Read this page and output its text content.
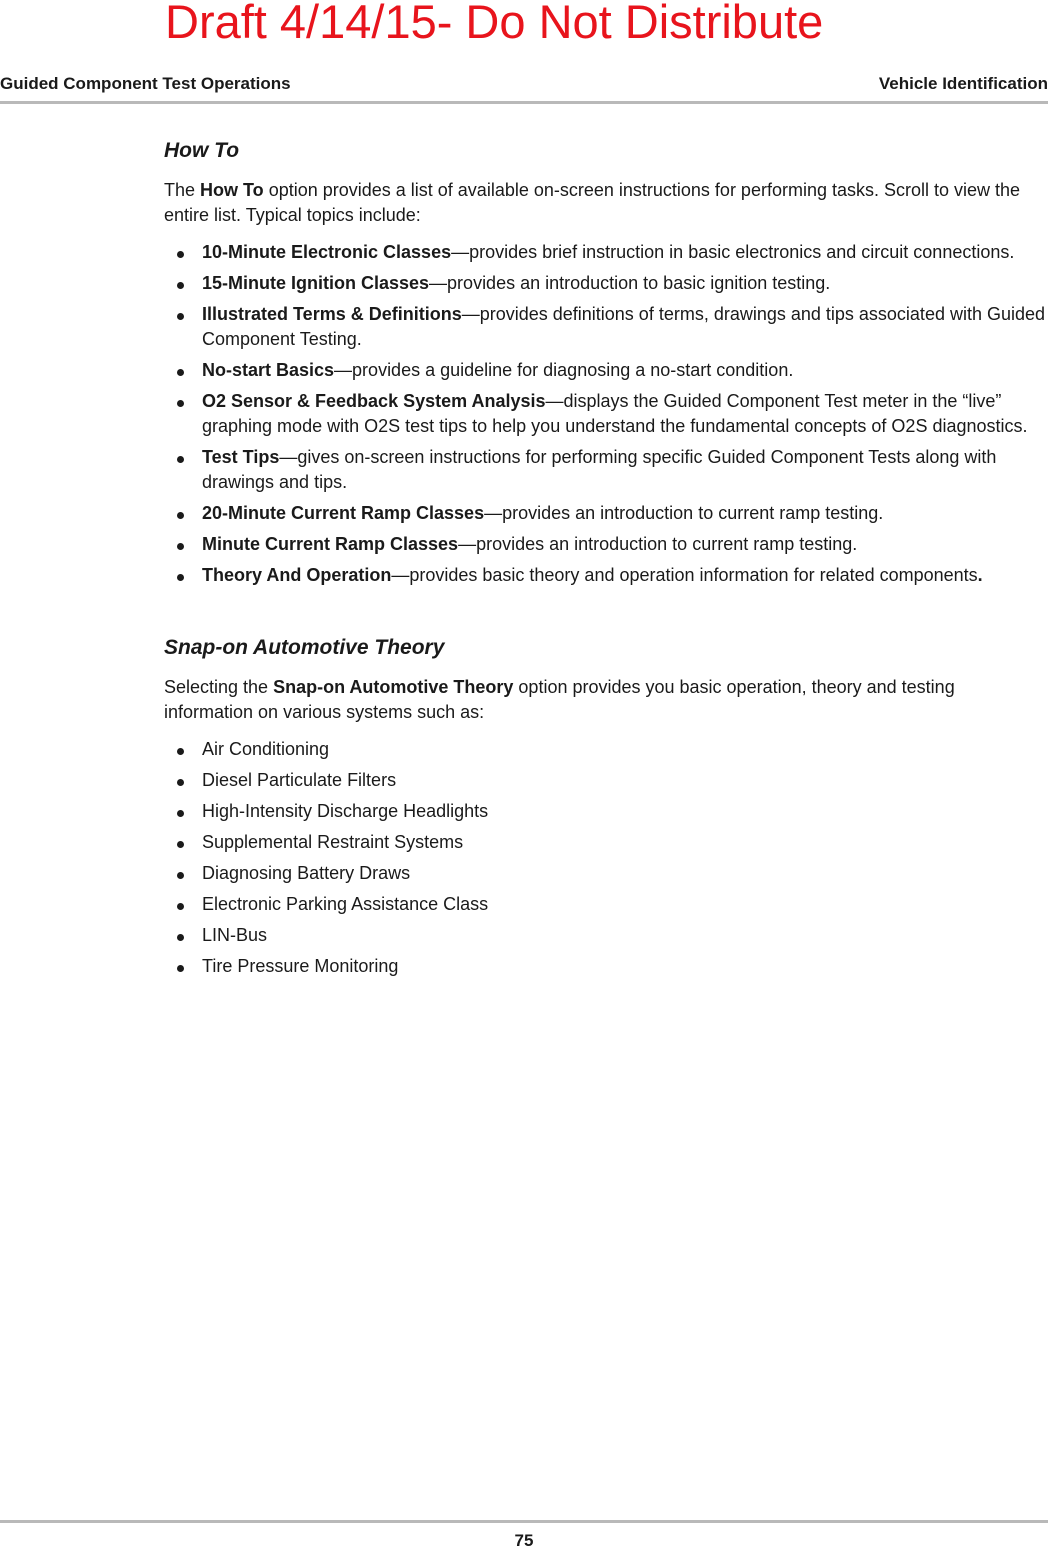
Draft 4/14/15- Do Not Distribute
Guided Component Test Operations	Vehicle Identification
How To

The How To option provides a list of available on-screen instructions for performing tasks. Scroll to view the entire list. Typical topics include:

10-Minute Electronic Classes—provides brief instruction in basic electronics and circuit connections.
15-Minute Ignition Classes—provides an introduction to basic ignition testing.
Illustrated Terms & Definitions—provides definitions of terms, drawings and tips associated with Guided Component Testing.
No-start Basics—provides a guideline for diagnosing a no-start condition.
O2 Sensor & Feedback System Analysis—displays the Guided Component Test meter in the “live” graphing mode with O2S test tips to help you understand the fundamental concepts of O2S diagnostics.
Test Tips—gives on-screen instructions for performing specific Guided Component Tests along with drawings and tips.
20-Minute Current Ramp Classes—provides an introduction to current ramp testing.
Minute Current Ramp Classes—provides an introduction to current ramp testing.
Theory And Operation—provides basic theory and operation information for related components.
Snap-on Automotive Theory

Selecting the Snap-on Automotive Theory option provides you basic operation, theory and testing information on various systems such as:

Air Conditioning
Diesel Particulate Filters
High-Intensity Discharge Headlights
Supplemental Restraint Systems
Diagnosing Battery Draws
Electronic Parking Assistance Class
LIN-Bus
Tire Pressure Monitoring
75
